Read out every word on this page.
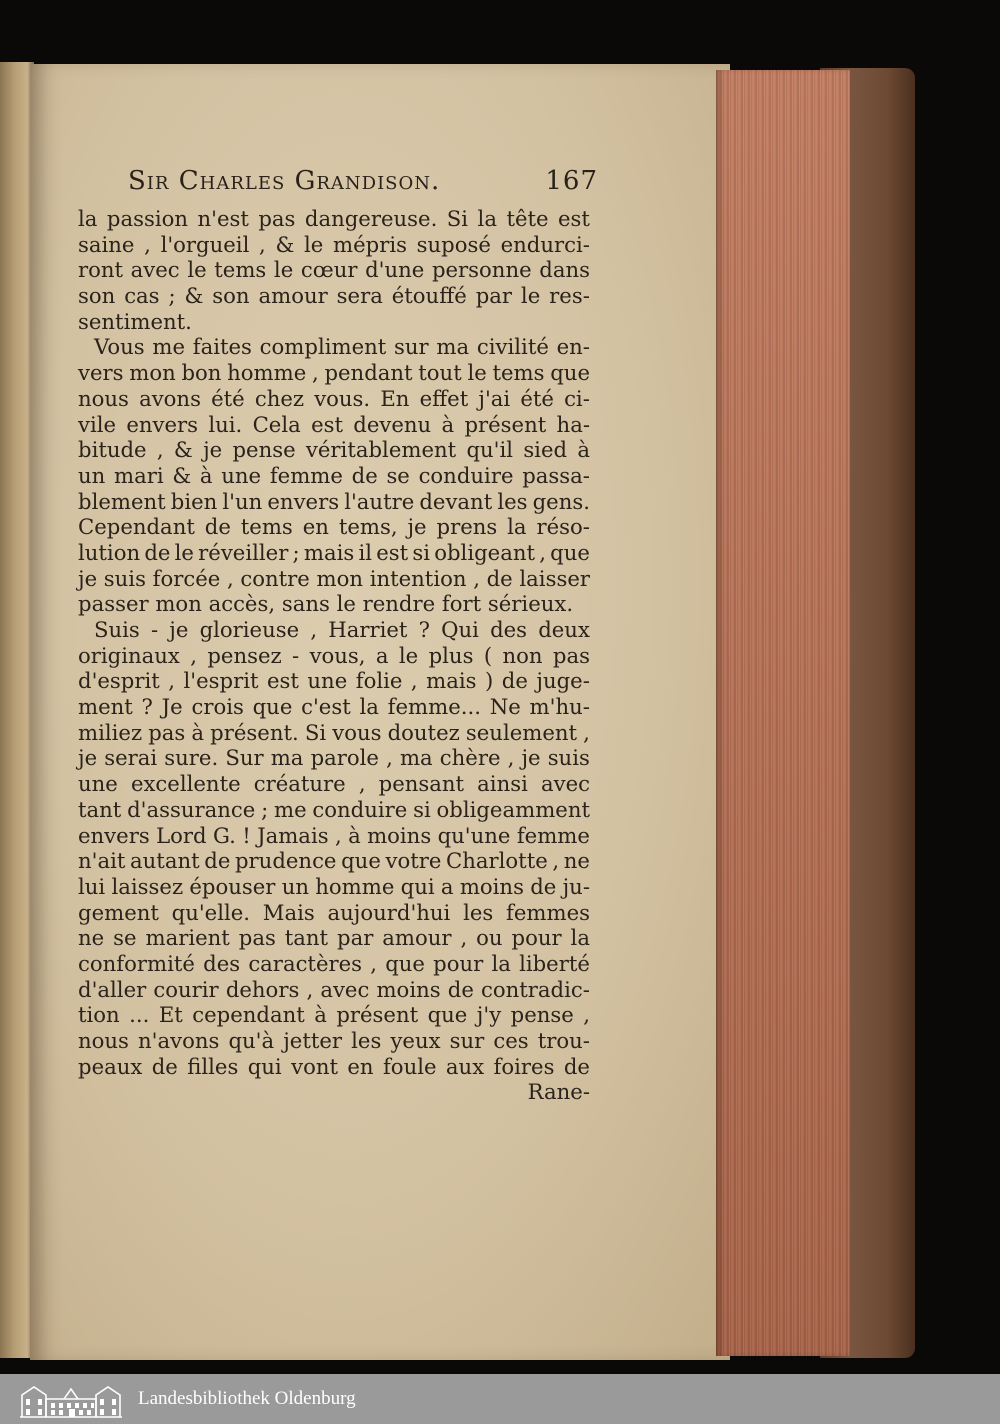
Sir Charles Grandison.	167
la passion n'est pas dangereuse. Si la tête est
saine , l'orgueil , & le mépris suposé endurci-
ront avec le tems le cœur d'une personne dans
son cas ; & son amour sera étouffé par le res-
sentiment.
Vous me faites compliment sur ma civilité en-
vers mon bon homme , pendant tout le tems que
nous avons été chez vous. En effet j'ai été ci-
vile envers lui. Cela est devenu à présent ha-
bitude , & je pense véritablement qu'il sied à
un mari & à une femme de se conduire passa-
blement bien l'un envers l'autre devant les gens.
Cependant de tems en tems, je prens la réso-
lution de le réveiller ; mais il est si obligeant , que
je suis forcée , contre mon intention , de laisser
passer mon accès, sans le rendre fort sérieux.
Suis - je glorieuse , Harriet ? Qui des deux
originaux , pensez - vous, a le plus ( non pas
d'esprit , l'esprit est une folie , mais ) de juge-
ment ? Je crois que c'est la femme... Ne m'hu-
miliez pas à présent. Si vous doutez seulement ,
je serai sure. Sur ma parole , ma chère , je suis
une excellente créature , pensant ainsi avec
tant d'assurance ; me conduire si obligeamment
envers Lord G. ! Jamais , à moins qu'une femme
n'ait autant de prudence que votre Charlotte , ne
lui laissez épouser un homme qui a moins de ju-
gement qu'elle. Mais aujourd'hui les femmes
ne se marient pas tant par amour , ou pour la
conformité des caractères , que pour la liberté
d'aller courir dehors , avec moins de contradic-
tion ... Et cependant à présent que j'y pense ,
nous n'avons qu'à jetter les yeux sur ces trou-
peaux de filles qui vont en foule aux foires de
Rane-
Landesbibliothek Oldenburg
